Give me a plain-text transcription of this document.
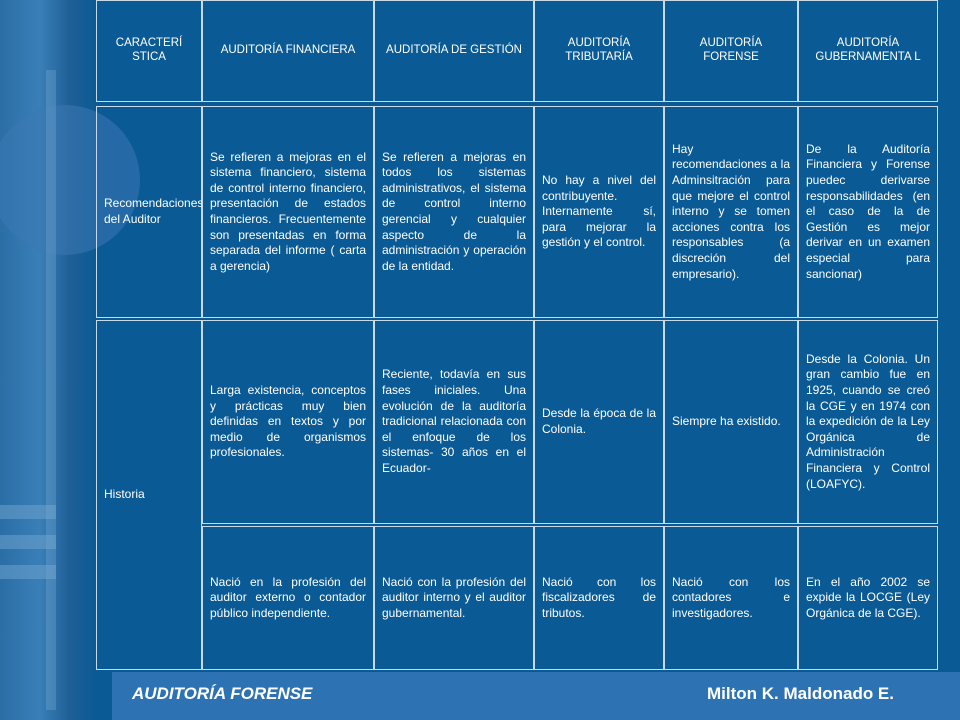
CARACTERÍ STICA
AUDITORÍA FINANCIERA	AUDITORÍA DE GESTIÓN
AUDITORÍA TRIBUTARÍA
AUDITORÍA FORENSE
AUDITORÍA GUBERNAMENTA L
Recomendaciones del Auditor
Se refieren a mejoras en el sistema financiero, sistema de control interno financiero, presentación de estados financieros. Frecuentemente son presentadas en forma separada del informe ( carta a gerencia)
Se refieren a mejoras en todos los sistemas administrativos, el sistema de control interno gerencial y cualquier aspecto de la administración y operación de la entidad.
No hay a nivel del contribuyente. Internamente sí, para mejorar la gestión y el control.
Hay recomendaciones a la Adminsitración para que mejore el control interno y se tomen acciones contra los responsables (a discreción del empresario).
De la Auditoría Financiera y Forense puedec derivarse responsabilidades (en el caso de la de Gestión es mejor derivar en un examen especial para sancionar)
Historia
Larga existencia, conceptos y prácticas muy bien definidas en textos y por medio de organismos profesionales.
Reciente, todavía en sus fases iniciales. Una evolución de la auditoría tradicional relacionada con el enfoque de los sistemas- 30 años en el Ecuador-
Desde la época de la Colonia.
Siempre ha existido.
Desde la Colonia. Un gran cambio fue en 1925, cuando se creó la CGE y en 1974 con la expedición de la Ley Orgánica de Administración Financiera y Control (LOAFYC).
Nació en la profesión del auditor externo o contador público independiente.
Nació con la profesión del auditor interno y el auditor gubernamental.
Nació con los fiscalizadores de tributos.
Nació con los contadores e investigadores.
En el año 2002 se expide la LOCGE (Ley Orgánica de la CGE).
AUDITORÍA FORENSE	Milton K. Maldonado E.
